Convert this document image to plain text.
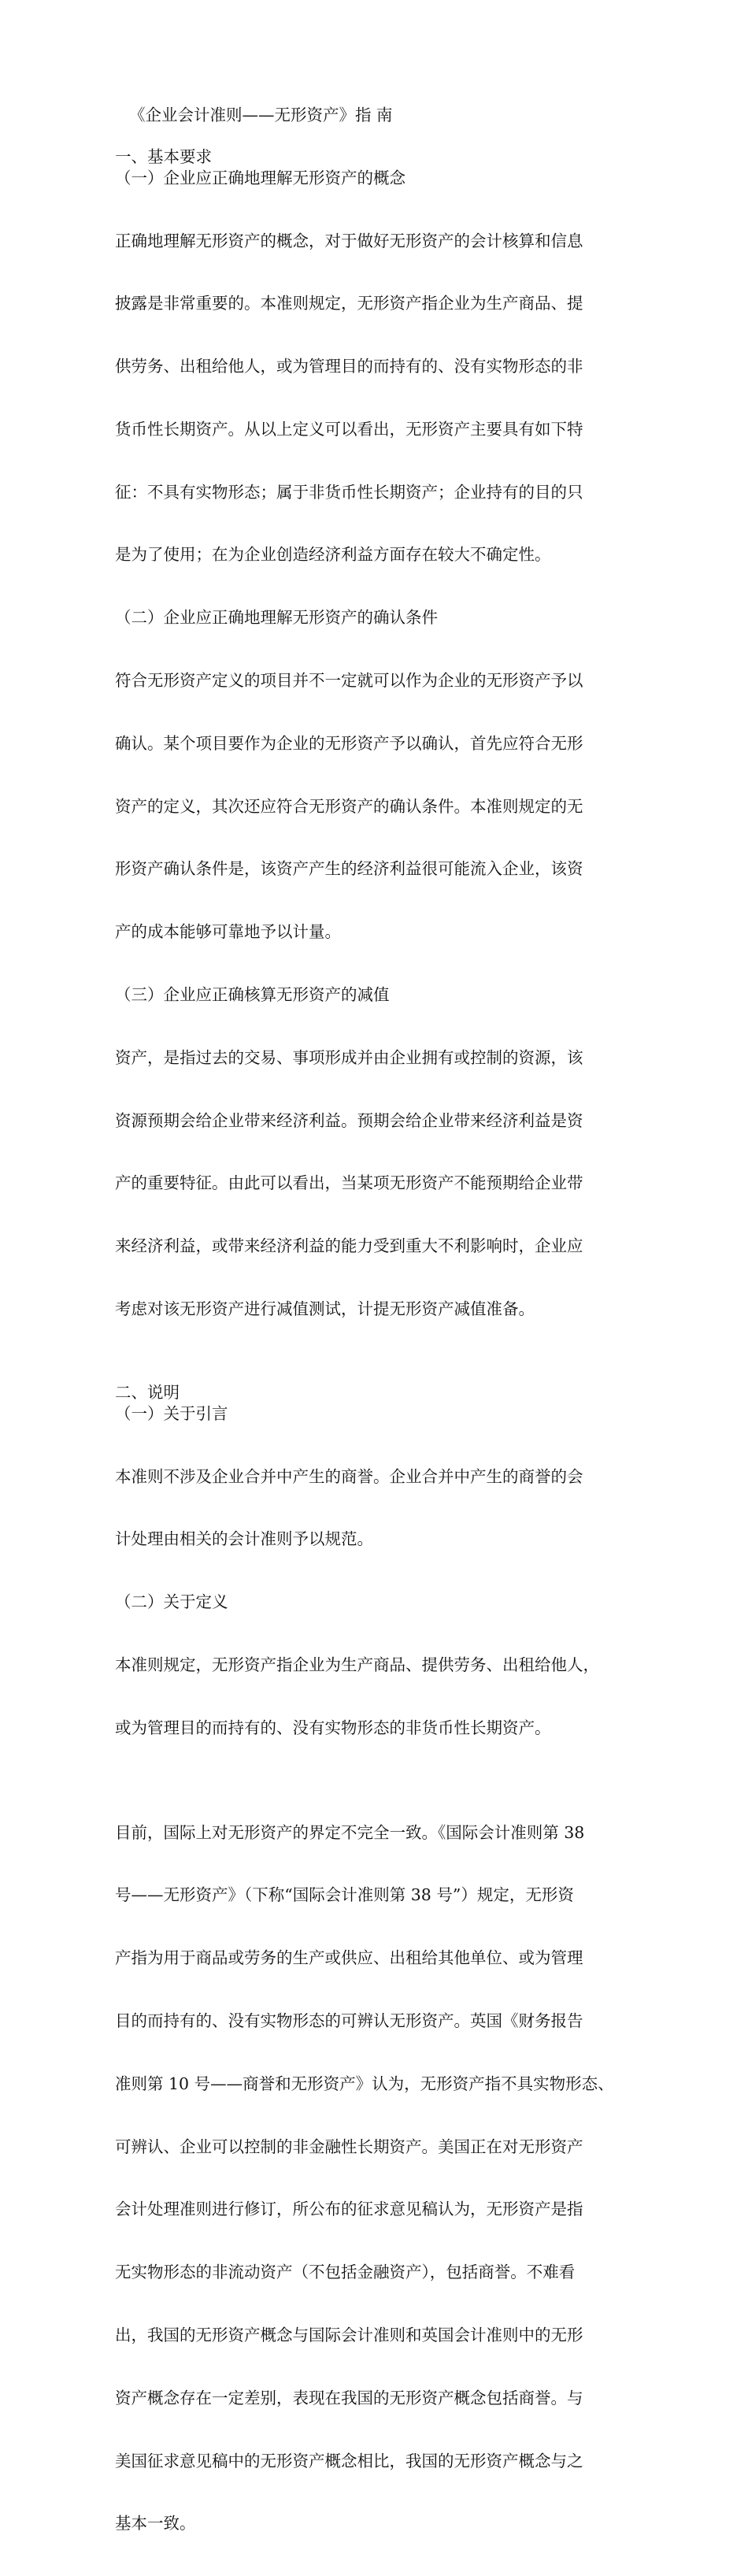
《企业会计准则——无形资产》指 南
一、基本要求
（一）企业应正确地理解无形资产的概念

正确地理解无形资产的概念，对于做好无形资产的会计核算和信息

披露是非常重要的。本准则规定，无形资产指企业为生产商品、提

供劳务、出租给他人，或为管理目的而持有的、没有实物形态的非

货币性长期资产。从以上定义可以看出，无形资产主要具有如下特

征：不具有实物形态；属于非货币性长期资产；企业持有的目的只

是为了使用；在为企业创造经济利益方面存在较大不确定性。

（二）企业应正确地理解无形资产的确认条件

符合无形资产定义的项目并不一定就可以作为企业的无形资产予以

确认。某个项目要作为企业的无形资产予以确认，首先应符合无形

资产的定义，其次还应符合无形资产的确认条件。本准则规定的无

形资产确认条件是，该资产产生的经济利益很可能流入企业，该资

产的成本能够可靠地予以计量。

（三）企业应正确核算无形资产的减值

资产，是指过去的交易、事项形成并由企业拥有或控制的资源，该

资源预期会给企业带来经济利益。预期会给企业带来经济利益是资

产的重要特征。由此可以看出，当某项无形资产不能预期给企业带

来经济利益，或带来经济利益的能力受到重大不利影响时，企业应

考虑对该无形资产进行减值测试，计提无形资产减值准备。

二、说明
（一）关于引言

本准则不涉及企业合并中产生的商誉。企业合并中产生的商誉的会

计处理由相关的会计准则予以规范。

（二）关于定义

本准则规定，无形资产指企业为生产商品、提供劳务、出租给他人，

或为管理目的而持有的、没有实物形态的非货币性长期资产。

目前，国际上对无形资产的界定不完全一致。《国际会计准则第 38

号——无形资产》（下称“国际会计准则第 38 号”）规定，无形资

产指为用于商品或劳务的生产或供应、出租给其他单位、或为管理

目的而持有的、没有实物形态的可辨认无形资产。英国《财务报告

准则第 10 号——商誉和无形资产》认为，无形资产指不具实物形态、

可辨认、企业可以控制的非金融性长期资产。美国正在对无形资产

会计处理准则进行修订，所公布的征求意见稿认为，无形资产是指

无实物形态的非流动资产（不包括金融资产），包括商誉。不难看

出，我国的无形资产概念与国际会计准则和英国会计准则中的无形

资产概念存在一定差别，表现在我国的无形资产概念包括商誉。与

美国征求意见稿中的无形资产概念相比，我国的无形资产概念与之

基本一致。
